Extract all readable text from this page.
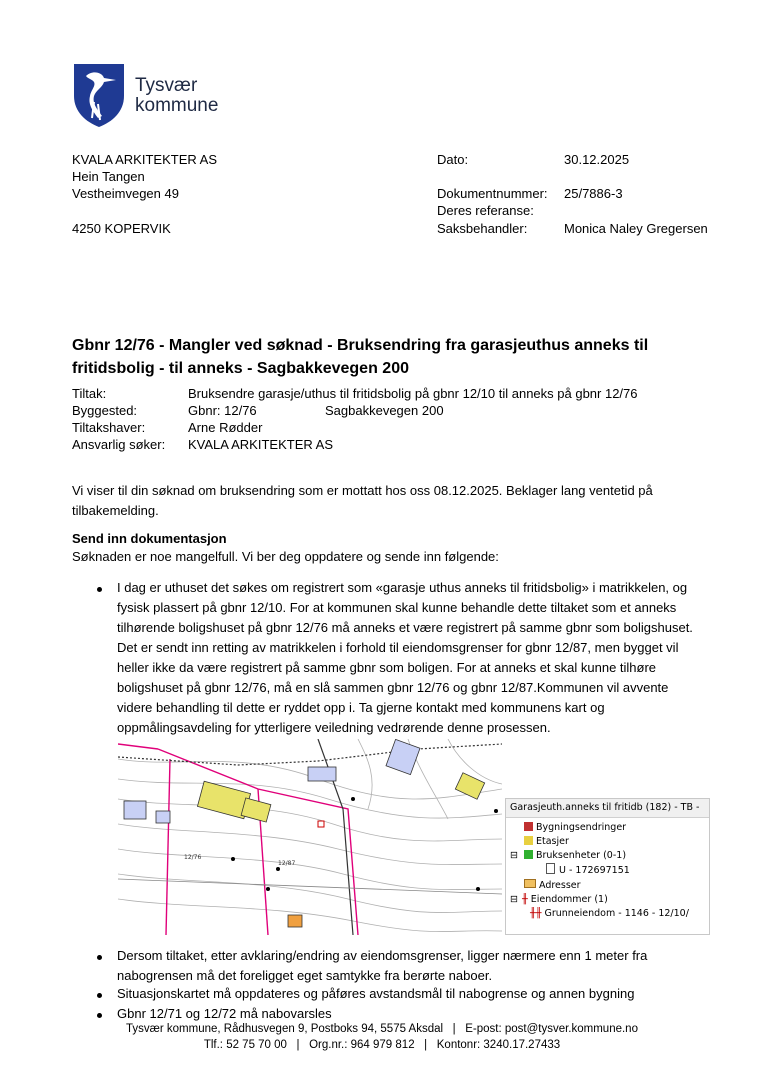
Tysvær
kommune
KVALA ARKITEKTER AS
Hein Tangen
Vestheimvegen 49
4250 KOPERVIK
Dato:	30.12.2025
Dokumentnummer: 25/7886-3
Deres referanse:
Saksbehandler:	Monica Naley Gregersen
Gbnr 12/76 - Mangler ved søknad - Bruksendring fra garasjeuthus anneks til fritidsbolig - til anneks - Sagbakkevegen 200
Tiltak:	Bruksendre garasje/uthus til fritidsbolig på gbnr 12/10 til anneks på gbnr 12/76
Byggested:	Gbnr: 12/76	Sagbakkevegen 200
Tiltakshaver:	Arne Rødder
Ansvarlig søker: KVALA ARKITEKTER AS
Vi viser til din søknad om bruksendring som er mottatt hos oss 08.12.2025. Beklager lang ventetid på tilbakemelding.
Send inn dokumentasjon
Søknaden er noe mangelfull. Vi ber deg oppdatere og sende inn følgende:
I dag er uthuset det søkes om registrert som «garasje uthus anneks til fritidsbolig» i matrikkelen, og fysisk plassert på gbnr 12/10. For at kommunen skal kunne behandle dette tiltaket som et anneks tilhørende boligshuset på gbnr 12/76 må anneks et være registrert på samme gbnr som boligshuset. Det er sendt inn retting av matrikkelen i forhold til eiendomsgrenser for gbnr 12/87, men bygget vil heller ikke da være registrert på samme gbnr som boligen. For at anneks et skal kunne tilhøre boligshuset på gbnr 12/76, må en slå sammen gbnr 12/76 og gbnr 12/87.Kommunen vil avvente videre behandling til dette er ryddet opp i. Ta gjerne kontakt med kommunens kart og oppmålingsavdeling for ytterligere veiledning vedrørende denne prosessen.
12/76
12/87
Garasjeuth.anneks til fritidb (182) - TB -
Bygningsendringer
Etasjer
⊟ Bruksenheter (0-1)
U - 172697151
Adresser
⊟ ╫ Eiendommer (1)
╫╫ Grunneiendom - 1146 - 12/10/
Dersom tiltaket, etter avklaring/endring av eiendomsgrenser, ligger nærmere enn 1 meter fra nabogrensen må det foreligget eget samtykke fra berørte naboer.
Situasjonskartet må oppdateres og påføres avstandsmål til nabogrense og annen bygning
Gbnr 12/71 og 12/72 må nabovarsles
Tysvær kommune, Rådhusvegen 9, Postboks 94, 5575 Aksdal   |   E-post: post@tysver.kommune.no
Tlf.: 52 75 70 00   |   Org.nr.: 964 979 812   |   Kontonr: 3240.17.27433
